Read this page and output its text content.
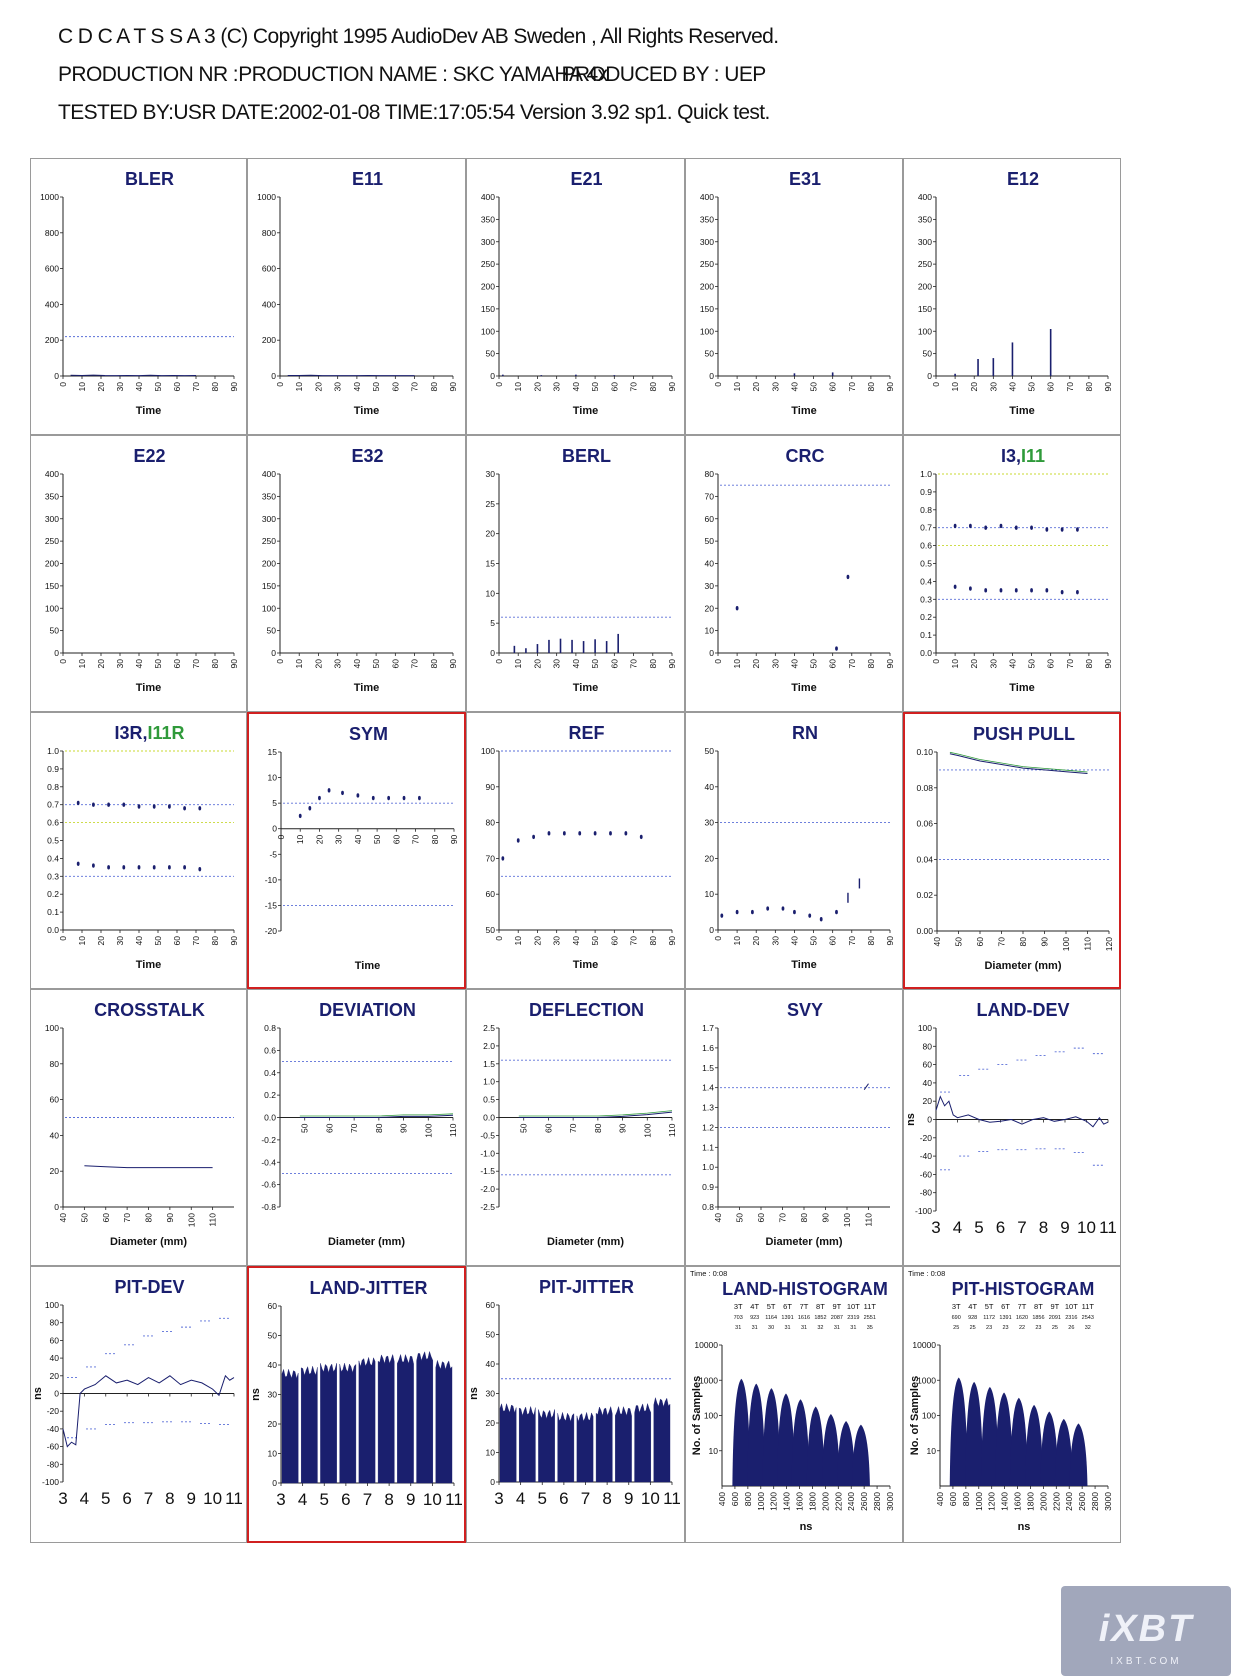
C D C A T S S A 3 (C) Copyright 1995 AudioDev AB Sweden , All Rights Reserved.
PRODUCTION NR : PRODUCTION NAME : SKC YAMAHA 4x PRODUCED BY : UEP
TESTED BY:USR DATE:2002-01-08 TIME:17:05:54 Version 3.92 sp1. Quick test.
BLER
0
200
400
600
800
1000
0 10 20 30 40 50 60 70 80 90
Time
E11
0
200
400
600
800
1000
0 10 20 30 40 50 60 70 80 90
Time
E21
0
50
100
150
200
250
300
350
400
0 10 20 30 40 50 60 70 80 90
Time
E31
0
50
100
150
200
250
300
350
400
0 10 20 30 40 50 60 70 80 90
Time
E12
0
50
100
150
200
250
300
350
400
0 10 20 30 40 50 60 70 80 90
Time
E22
0
50
100
150
200
250
300
350
400
0 10 20 30 40 50 60 70 80 90
Time
E32
0
50
100
150
200
250
300
350
400
0 10 20 30 40 50 60 70 80 90
Time
BERL
0
5
10
15
20
25
30
0 10 20 30 40 50 60 70 80 90
Time
CRC
0
10
20
30
40
50
60
70
80
0 10 20 30 40 50 60 70 80 90
Time
I3,I11
0.0
0.1
0.2
0.3
0.4
0.5
0.6
0.7
0.8
0.9
1.0
0 10 20 30 40 50 60 70 80 90
Time
I3R,I11R
0.0
0.1
0.2
0.3
0.4
0.5
0.6
0.7
0.8
0.9
1.0
0 10 20 30 40 50 60 70 80 90
Time
SYM
-20
-15
-10
-5
0
5
10
15
0 10 20 30 40 50 60 70 80 90
Time
REF
50
60
70
80
90
100
0 10 20 30 40 50 60 70 80 90
Time
RN
0
10
20
30
40
50
0 10 20 30 40 50 60 70 80 90
Time
PUSH PULL
0.00
0.02
0.04
0.06
0.08
0.10
40 50 60 70 80 90 100 110 120
Diameter (mm)
CROSSTALK
0
20
40
60
80
100
40 50 60 70 80 90 100 110
Diameter (mm)
DEVIATION
-0.8
-0.6
-0.4
-0.2
0.0
0.2
0.4
0.6
0.8
50 60 70 80 90 100 110
Diameter (mm)
DEFLECTION
-2.5
-2.0
-1.5
-1.0
-0.5
0.0
0.5
1.0
1.5
2.0
2.5
50 60 70 80 90 100 110
Diameter (mm)
SVY
0.8
0.9
1.0
1.1
1.2
1.3
1.4
1.5
1.6
1.7
40 50 60 70 80 90 100 110
Diameter (mm)
LAND-DEV
-100
-80
-60
-40
-20
0
20
40
60
80
100
3 4 5 6 7 8 9 10 11
ns
PIT-DEV
-100
-80
-60
-40
-20
0
20
40
60
80
100
3 4 5 6 7 8 9 10 11
ns
LAND-JITTER
0
10
20
30
40
50
60
3 4 5 6 7 8 9 10 11
ns
PIT-JITTER
0
10
20
30
40
50
60
3 4 5 6 7 8 9 10 11
ns
Time : 0:08
LAND-HISTOGRAM
10
100
1000
10000
400 600 800 1000 1200 1400 1600 1800 2000 2200 2400 2600 2800 3000
ns
No. of Samples
3T
703
31
4T
923
31
5T
1164
30
6T
1391
31
7T
1616
31
8T
1852
32
9T
2087
31
10T
2319
31
11T
2551
35
Time : 0:08
PIT-HISTOGRAM
10
100
1000
10000
400 600 800 1000 1200 1400 1600 1800 2000 2200 2400 2600 2800 3000
ns
No. of Samples
3T
690
25
4T
928
25
5T
1172
23
6T
1391
23
7T
1620
22
8T
1856
23
9T
2091
25
10T
2316
26
11T
2543
32
iXBT
IXBT.COM
